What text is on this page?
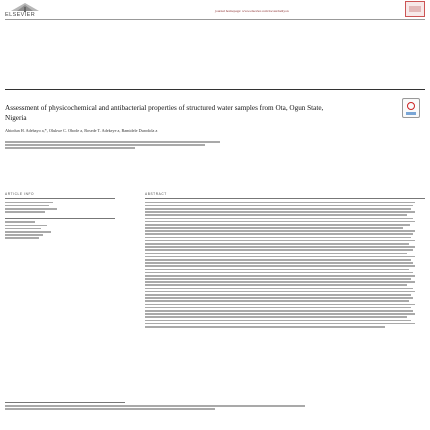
ELSEVIER
journal homepage: www.elsevier.com/locate/heliyon
Assessment of physicochemical and antibacterial properties of structured water samples from Ota, Ogun State, Nigeria
Abiodun H. Adebayo a,*, Olukwe C. Obode a, Bosede T. Adekeye a, Bamidele Durodola a
ARTICLE INFO	ABSTRACT
